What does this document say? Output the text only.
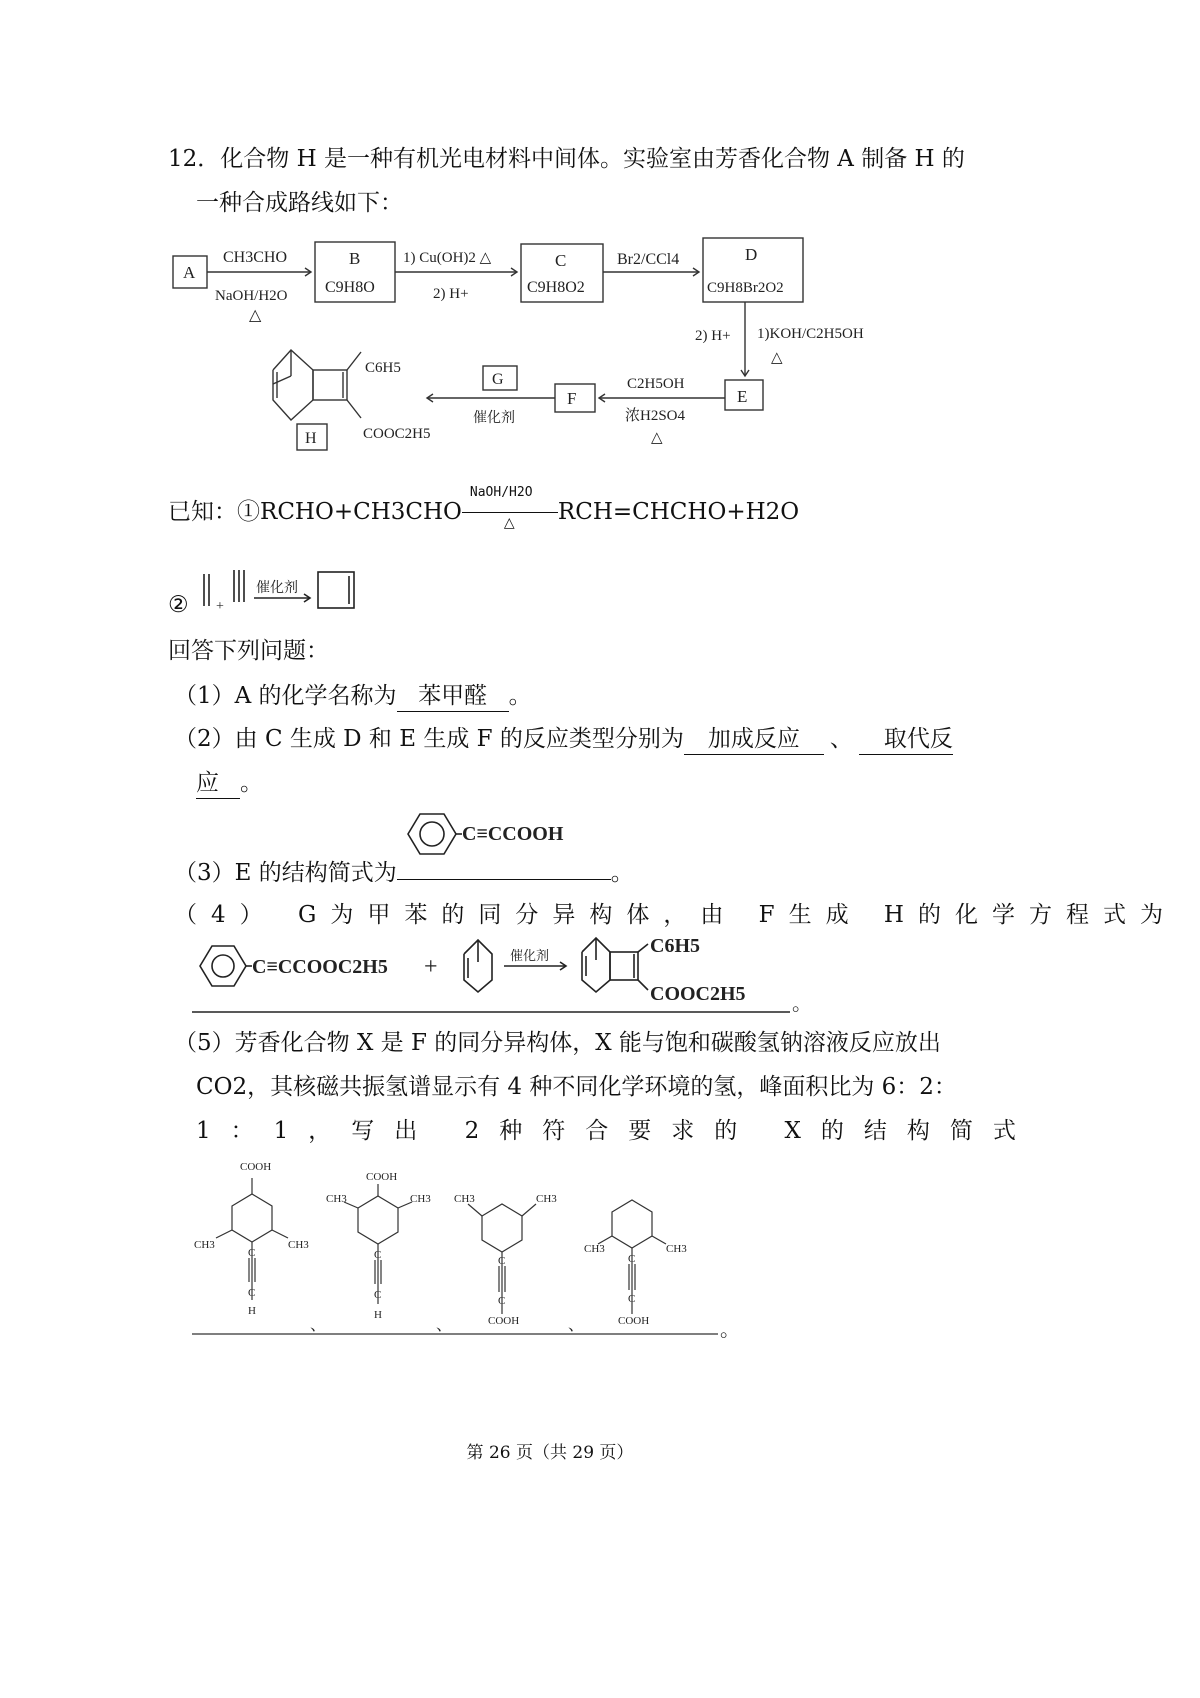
12．化合物 H 是一种有机光电材料中间体。实验室由芳香化合物 A 制备 H 的
一种合成路线如下：
A
B
C9H8O
C
C9H8O2
D
C9H8Br2O2
E
F
G
H
CH3CHO
NaOH/H2O
△
1) Cu(OH)2 △
2) H+
Br2/CCl4
2) H+ 1)KOH/C2H5OH
△
C2H5OH
浓H2SO4
△
催化剂
C6H5
COOC2H5
已知：①RCHO+CH3CHO
NaOH/H2O
△ RCH=CHCHO+H2O
② +
催化剂
回答下列问题：
（1）A 的化学名称为 苯甲醛 。
（2）由 C 生成 D 和 E 生成 F 的反应类型分别为 加成反应 、 取代反
应 。
（3）E 的结构简式为	。
C≡CCOOH
（4） G为甲苯的同分异构体，由 F生成 H的化学方程式为
C≡CCOOC2H5 +	催化剂	C6H5
COOC2H5 。
（5）芳香化合物 X 是 F 的同分异构体，X 能与饱和碳酸氢钠溶液反应放出
CO2，其核磁共振氢谱显示有 4 种不同化学环境的氢，峰面积比为 6：2：
1：1，写出 2种符合要求的 X的结构简式
COOH
CH3	CH3
C
C
H
COOH
CH3	CH3
C
C
H
CH3	CH3
C
C
COOH
CH3	CH3
C
C
COOH
、	、	、	。
第 26 页（共 29 页）
